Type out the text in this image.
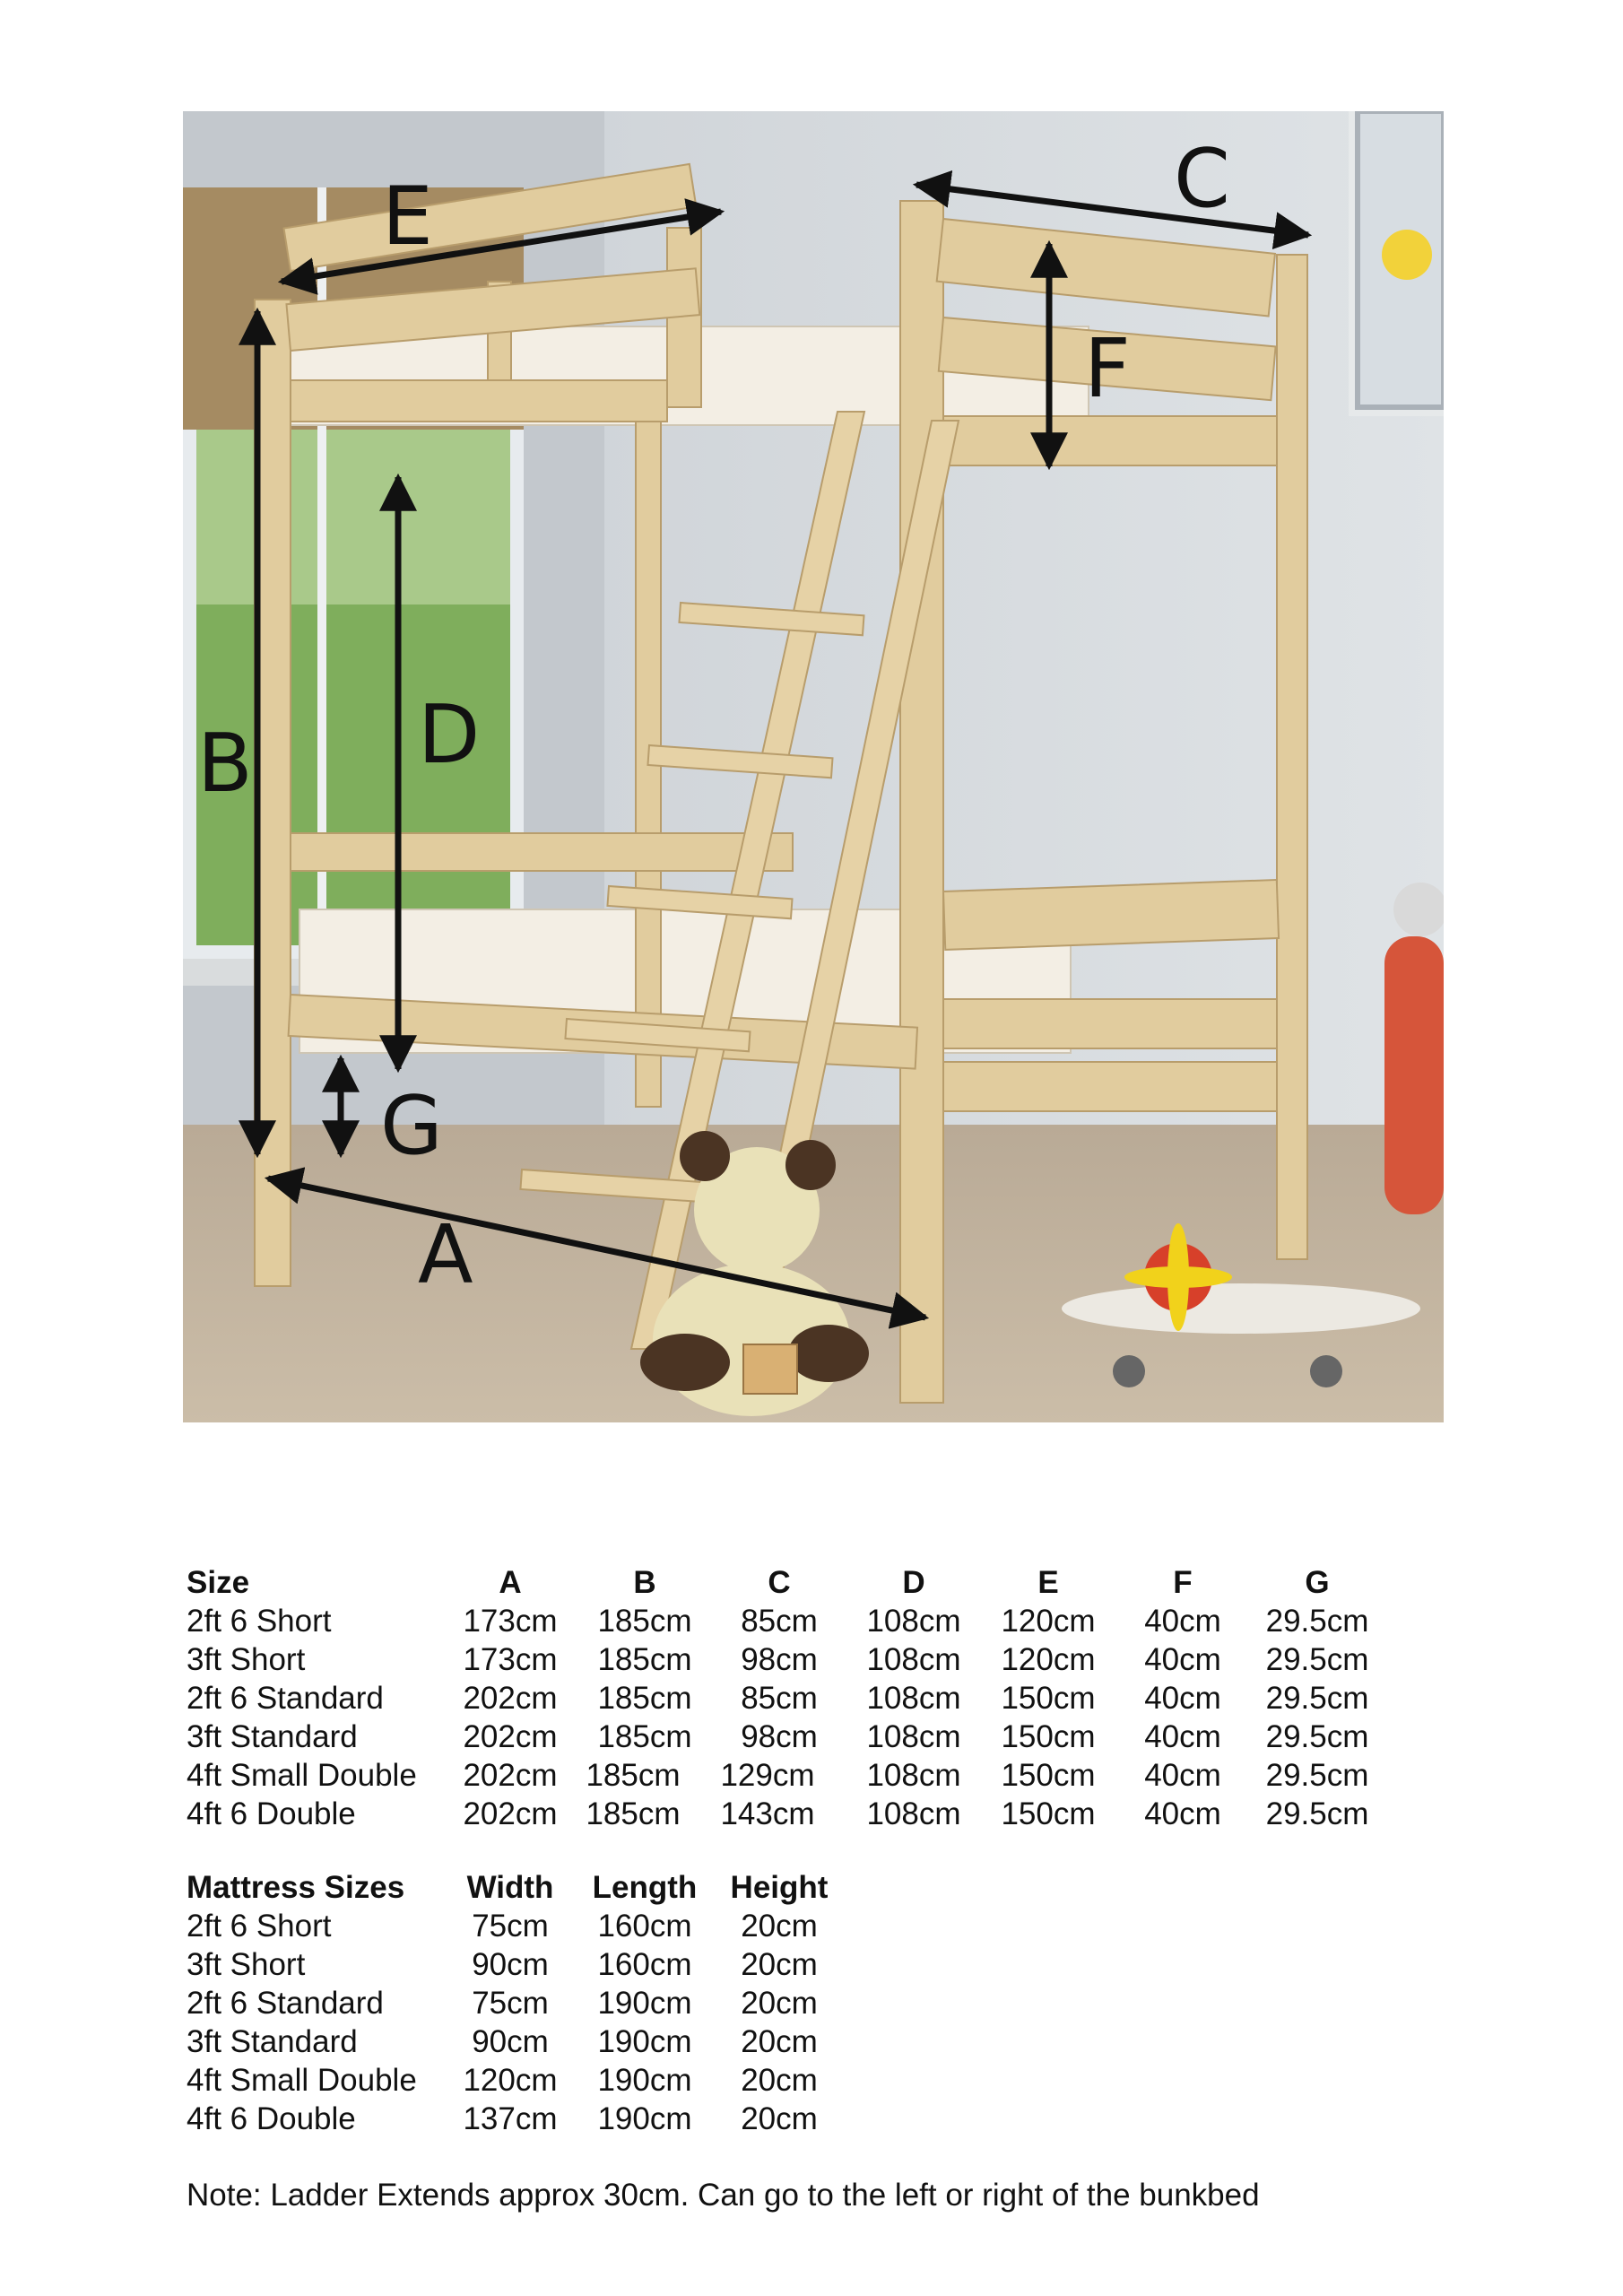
E	C
F
B D
G
A
Size	A	B	C	D	E	F	G
2ft 6 Short	173cm	185cm	85cm	108cm	120cm	40cm	29.5cm
3ft Short	173cm	185cm	98cm	108cm	120cm	40cm	29.5cm
2ft 6 Standard	202cm	185cm	85cm	108cm	150cm	40cm	29.5cm
3ft Standard	202cm	185cm	98cm	108cm	150cm	40cm	29.5cm
4ft Small Double	202cm 185cm	129cm	108cm	150cm	40cm	29.5cm
4ft 6 Double	202cm 185cm	143cm	108cm	150cm	40cm	29.5cm
Mattress Sizes	Width	Length	Height
2ft 6 Short	75cm	160cm	20cm
3ft Short	90cm	160cm	20cm
2ft 6 Standard	75cm	190cm	20cm
3ft Standard	90cm	190cm	20cm
4ft Small Double	120cm	190cm	20cm
4ft 6 Double	137cm	190cm	20cm
Note: Ladder Extends approx 30cm. Can go to the left or right of the bunkbed
